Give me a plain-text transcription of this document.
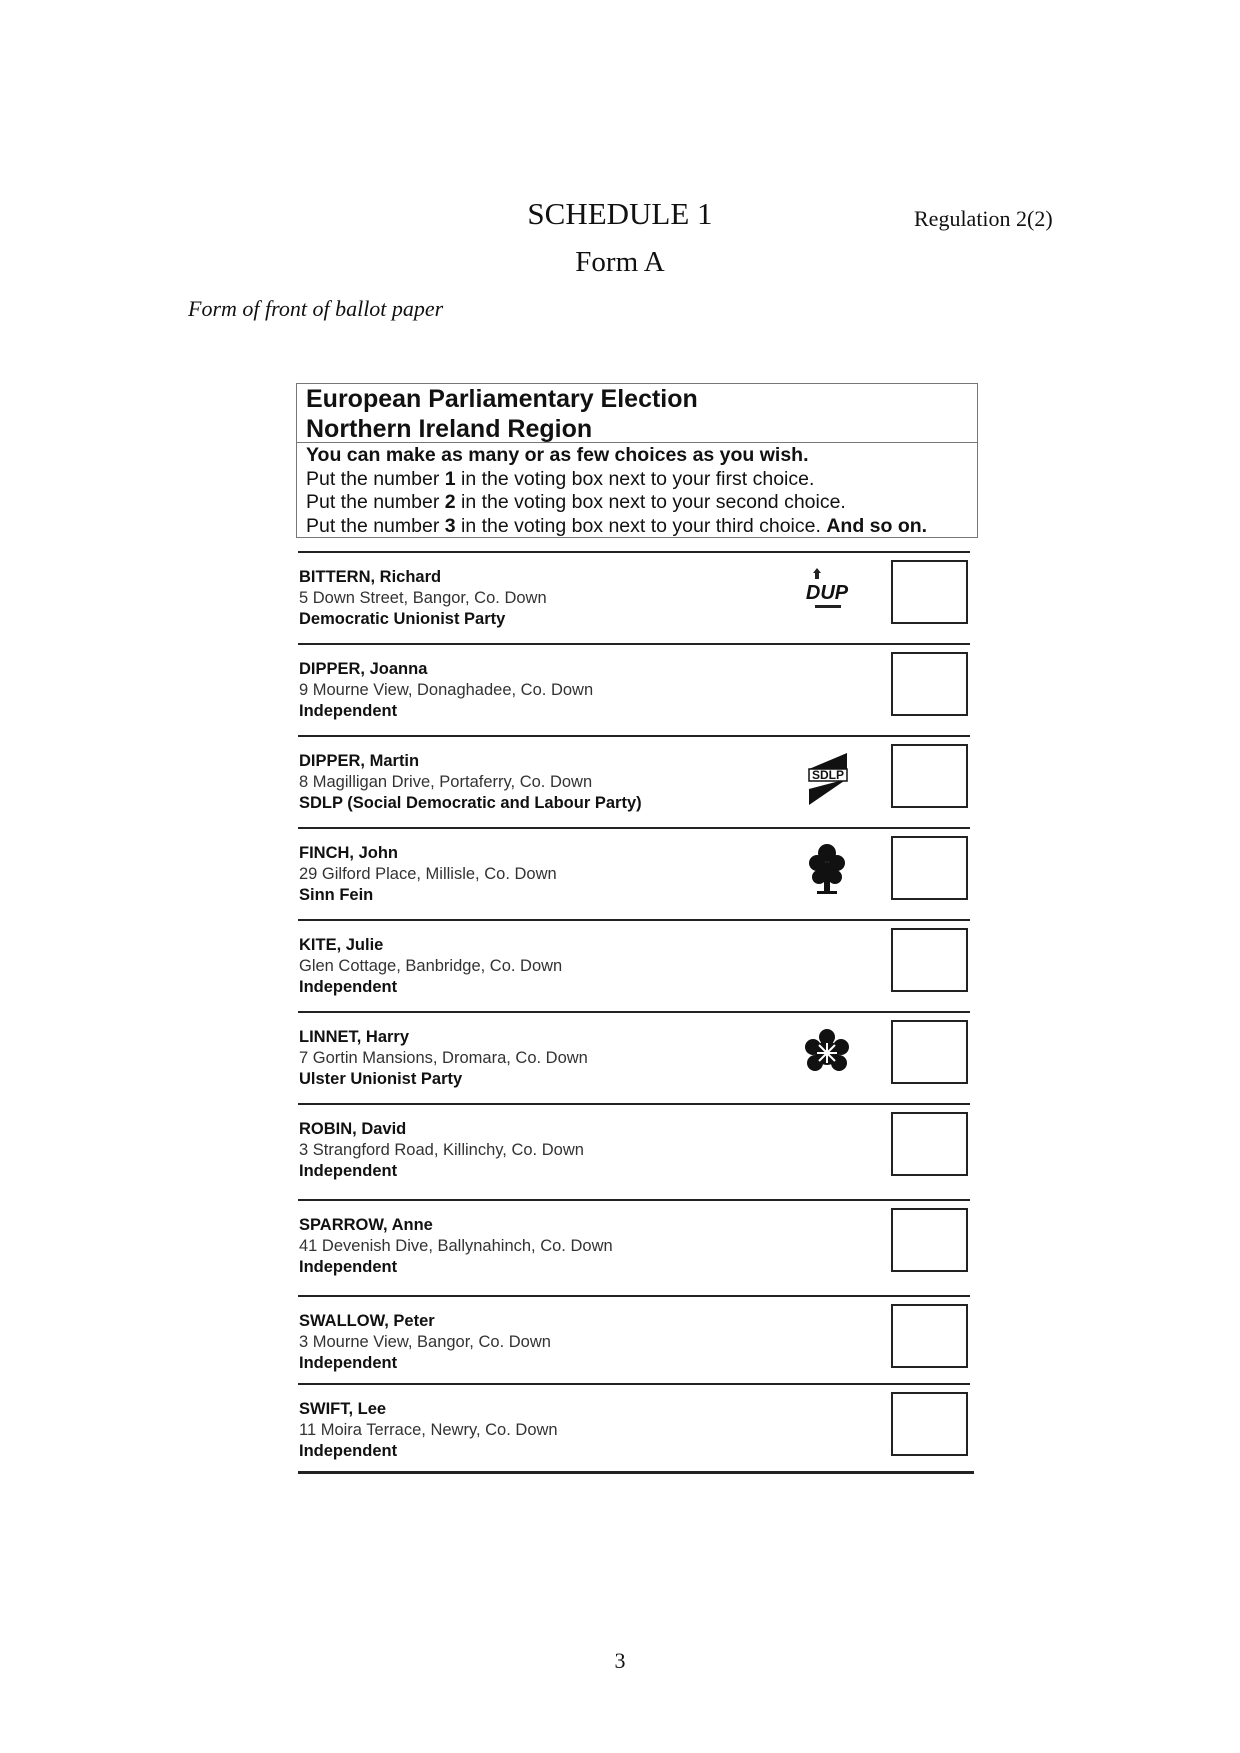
SCHEDULE 1	Regulation 2(2)
Form A
Form of front of ballot paper
European Parliamentary Election
Northern Ireland Region
You can make as many or as few choices as you wish.
Put the number 1 in the voting box next to your first choice.
Put the number 2 in the voting box next to your second choice.
Put the number 3 in the voting box next to your third choice. And so on.
BITTERN, Richard
5 Down Street, Bangor, Co. Down
Democratic Unionist Party
DUP
DIPPER, Joanna
9 Mourne View, Donaghadee, Co. Down
Independent
DIPPER, Martin
8 Magilligan Drive, Portaferry, Co. Down
SDLP (Social Democratic and Labour Party)
SDLP
FINCH, John
29 Gilford Place, Millisle, Co. Down
Sinn Fein
KITE, Julie
Glen Cottage, Banbridge, Co. Down
Independent
LINNET, Harry
7 Gortin Mansions, Dromara, Co. Down
Ulster Unionist Party
ROBIN, David
3 Strangford Road, Killinchy, Co. Down
Independent
SPARROW, Anne
41 Devenish Dive, Ballynahinch, Co. Down
Independent
SWALLOW, Peter
3 Mourne View, Bangor, Co. Down
Independent
SWIFT, Lee
11 Moira Terrace, Newry, Co. Down
Independent
3
